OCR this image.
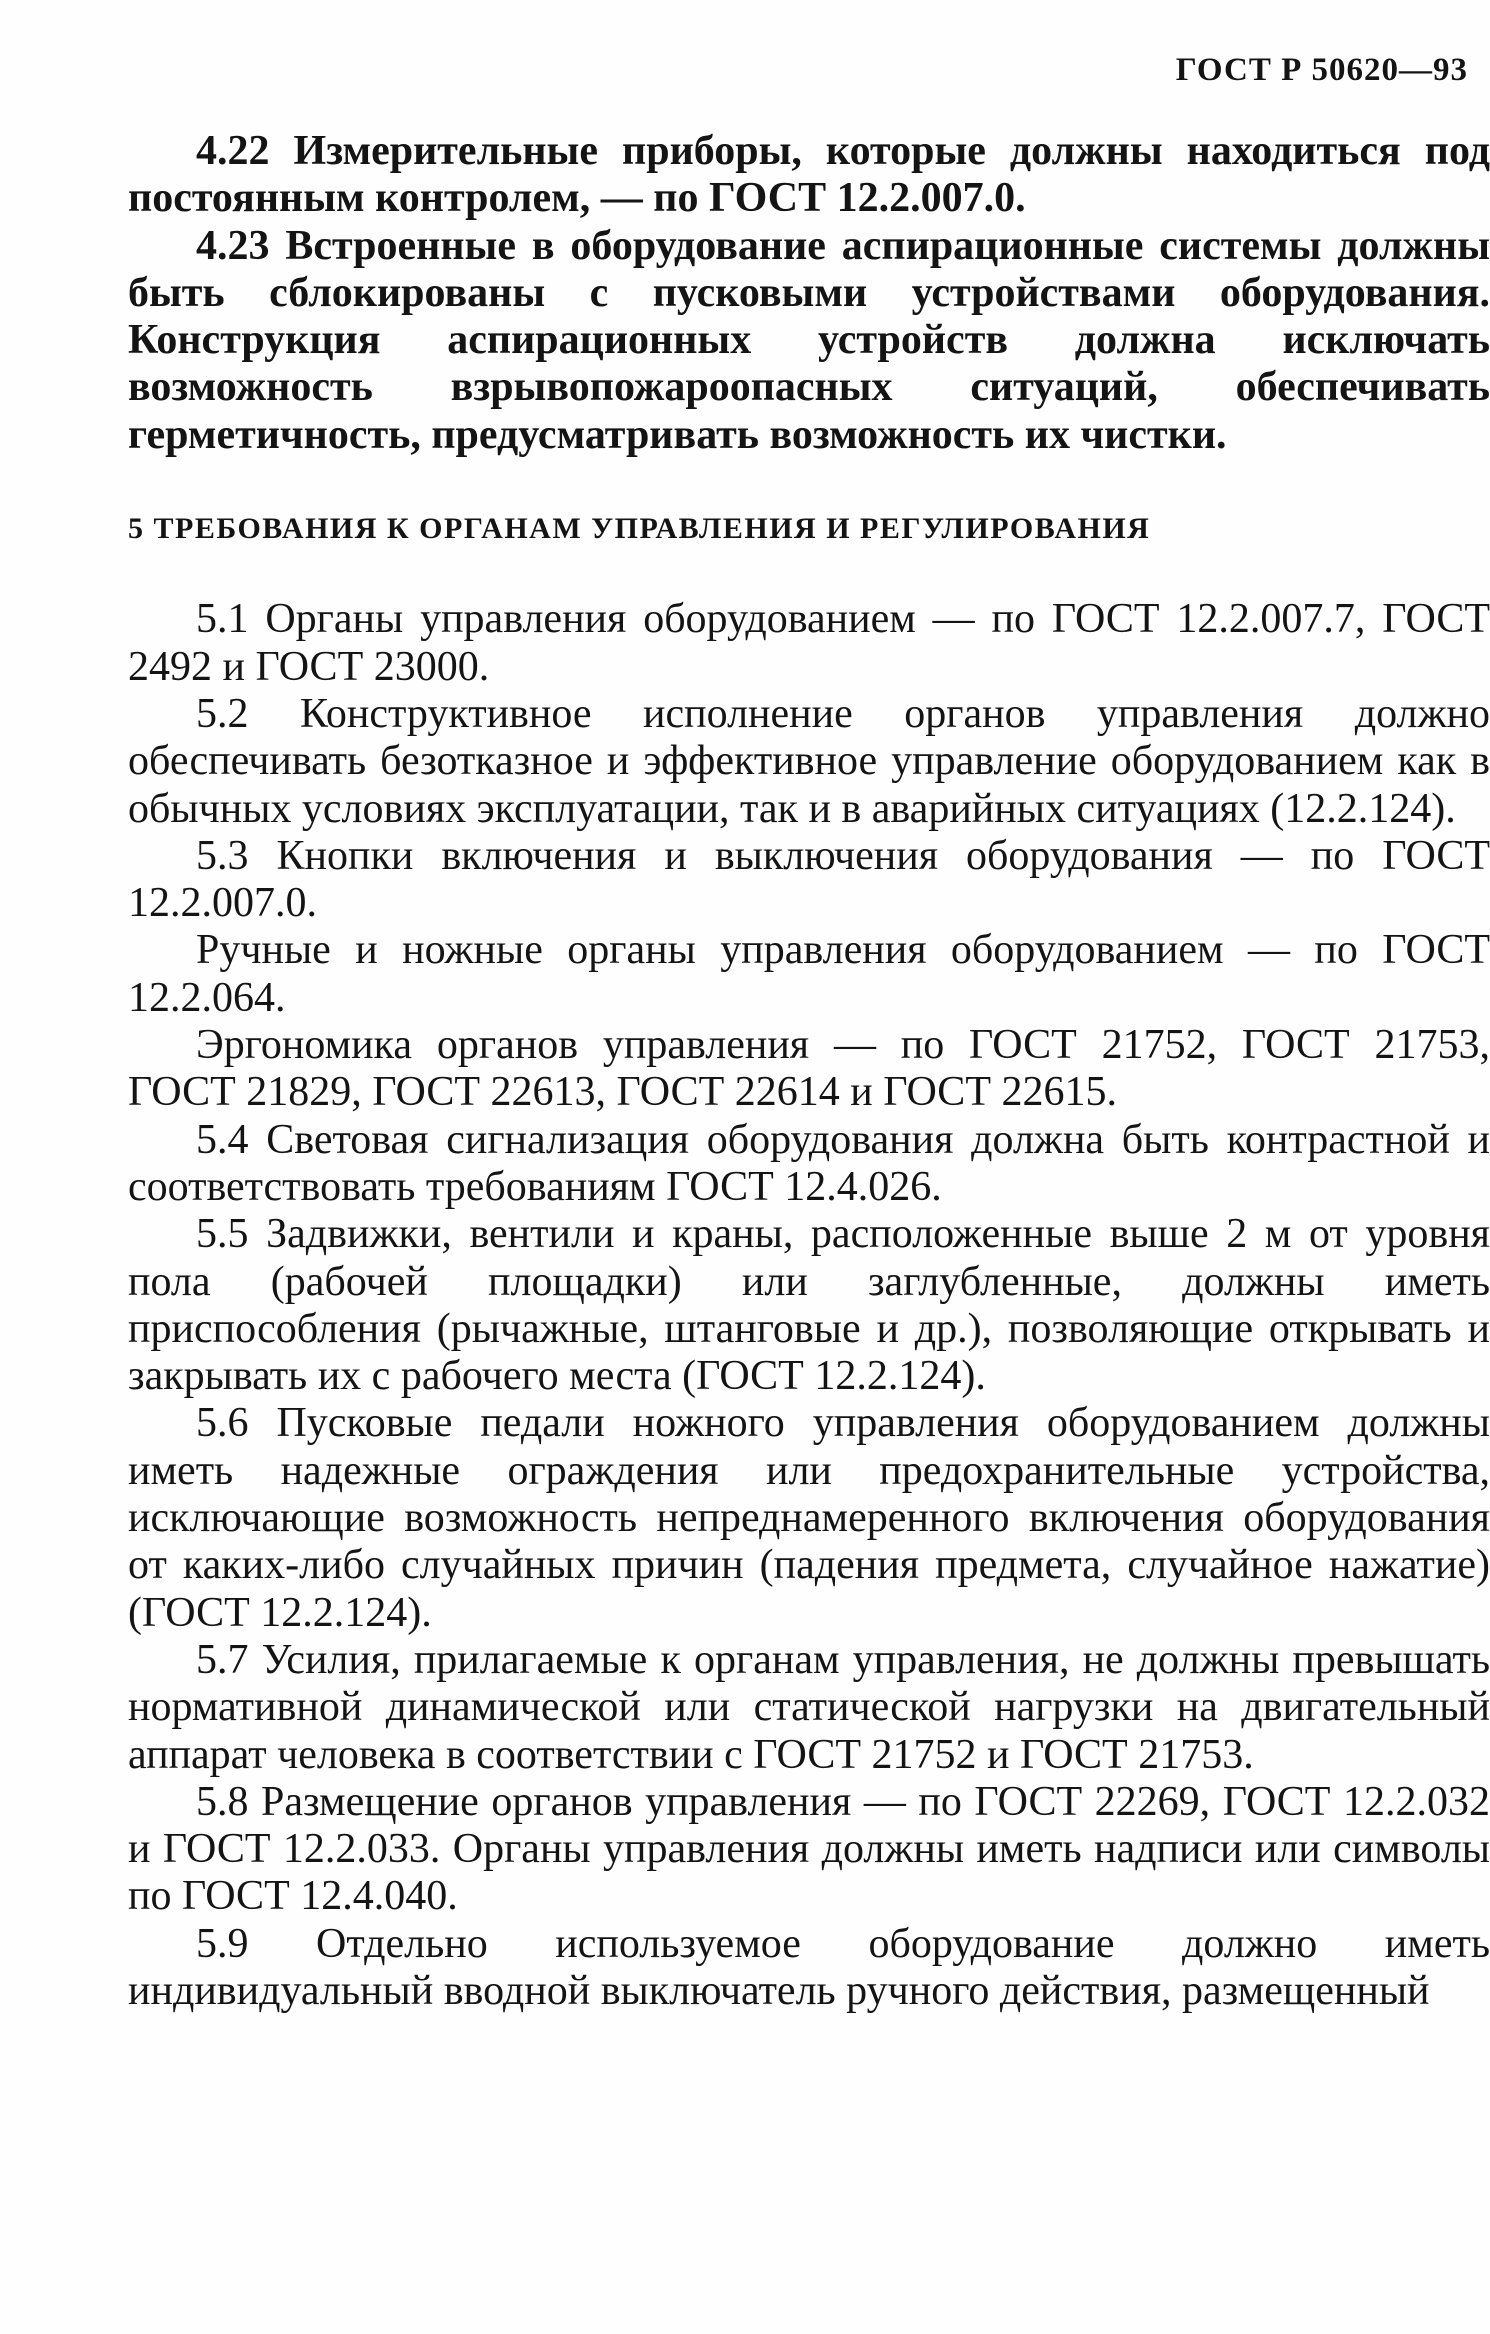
ГОСТ Р 50620—93

4.22 Измерительные приборы, которые должны находиться под постоянным контролем, — по ГОСТ 12.2.007.0.

4.23 Встроенные в оборудование аспирационные системы должны быть сблокированы с пусковыми устройствами оборудования. Конструкция аспирационных устройств должна исключать возможность взрывопожароопасных ситуаций, обеспечивать герметичность, предусматривать возможность их чистки.

5 ТРЕБОВАНИЯ К ОРГАНАМ УПРАВЛЕНИЯ И РЕГУЛИРОВАНИЯ

5.1 Органы управления оборудованием — по ГОСТ 12.2.007.7, ГОСТ 2492 и ГОСТ 23000.

5.2 Конструктивное исполнение органов управления должно обеспечивать безотказное и эффективное управление оборудованием как в обычных условиях эксплуатации, так и в аварийных ситуациях (12.2.124).

5.3 Кнопки включения и выключения оборудования — по ГОСТ 12.2.007.0.

Ручные и ножные органы управления оборудованием — по ГОСТ 12.2.064.

Эргономика органов управления — по ГОСТ 21752, ГОСТ 21753, ГОСТ 21829, ГОСТ 22613, ГОСТ 22614 и ГОСТ 22615.

5.4 Световая сигнализация оборудования должна быть контрастной и соответствовать требованиям ГОСТ 12.4.026.

5.5 Задвижки, вентили и краны, расположенные выше 2 м от уровня пола (рабочей площадки) или заглубленные, должны иметь приспособления (рычажные, штанговые и др.), позволяющие открывать и закрывать их с рабочего места (ГОСТ 12.2.124).

5.6 Пусковые педали ножного управления оборудованием должны иметь надежные ограждения или предохранительные устройства, исключающие возможность непреднамеренного включения оборудования от каких-либо случайных причин (падения предмета, случайное нажатие) (ГОСТ 12.2.124).

5.7 Усилия, прилагаемые к органам управления, не должны превышать нормативной динамической или статической нагрузки на двигательный аппарат человека в соответствии с ГОСТ 21752 и ГОСТ 21753.

5.8 Размещение органов управления — по ГОСТ 22269, ГОСТ 12.2.032 и ГОСТ 12.2.033. Органы управления должны иметь надписи или символы по ГОСТ 12.4.040.

5.9 Отдельно используемое оборудование должно иметь индивидуальный вводной выключатель ручного действия, размещенный
